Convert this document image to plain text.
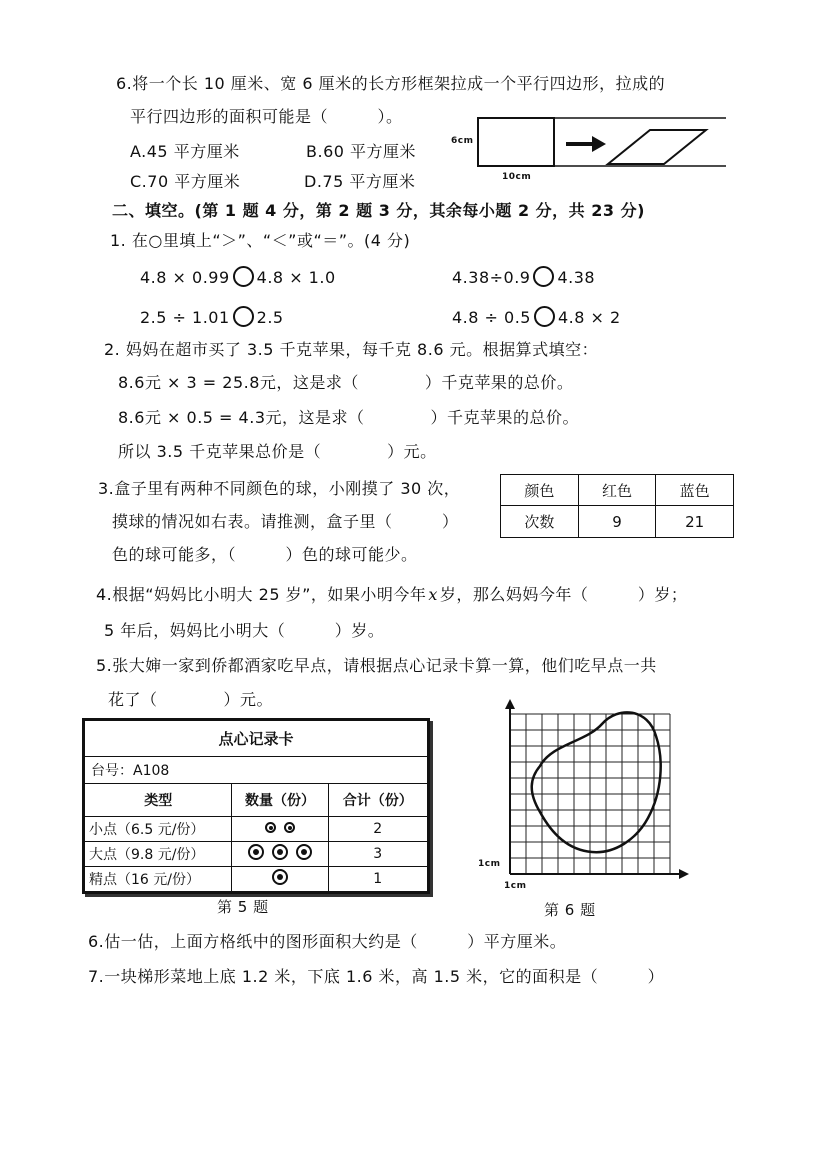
6.将一个长 10 厘米、宽 6 厘米的长方形框架拉成一个平行四边形，拉成的
平行四边形的面积可能是（　　　）。
A.45 平方厘米	B.60 平方厘米
C.70 平方厘米	D.75 平方厘米
6cm
10cm
二、填空。(第 1 题 4 分，第 2 题 3 分，其余每小题 2 分，共 23 分)
1. 在○里填上“＞”、“＜”或“＝”。(4 分)
4.8 × 0.99 4.8 × 1.0	4.38÷0.9 4.38
2.5 ÷ 1.01 2.5	4.8 ÷ 0.5 4.8 × 2
2. 妈妈在超市买了 3.5 千克苹果，每千克 8.6 元。根据算式填空：
8.6元 × 3 = 25.8元，这是求（　　　　）千克苹果的总价。
8.6元 × 0.5 = 4.3元，这是求（　　　　）千克苹果的总价。
所以 3.5 千克苹果总价是（　　　　）元。
3.盒子里有两种不同颜色的球，小刚摸了 30 次，
摸球的情况如右表。请推测，盒子里（　　　）
色的球可能多，（　　　）色的球可能少。
颜色	红色	蓝色
次数	9	21
4.根据“妈妈比小明大 25 岁”，如果小明今年 x 岁，那么妈妈今年（　　　）岁；
5 年后，妈妈比小明大（　　　）岁。
5.张大婶一家到侨都酒家吃早点，请根据点心记录卡算一算，他们吃早点一共
花了（　　　　）元。
点心记录卡		
台号：A108		
类型	数量（份）	合计（份）
小点（6.5 元/份）		2
大点（9.8 元/份）		3
精点（16 元/份）		1
第 5 题
1cm
1cm
第 6 题
6.估一估，上面方格纸中的图形面积大约是（　　　）平方厘米。
7.一块梯形菜地上底 1.2 米，下底 1.6 米，高 1.5 米，它的面积是（　　　）
